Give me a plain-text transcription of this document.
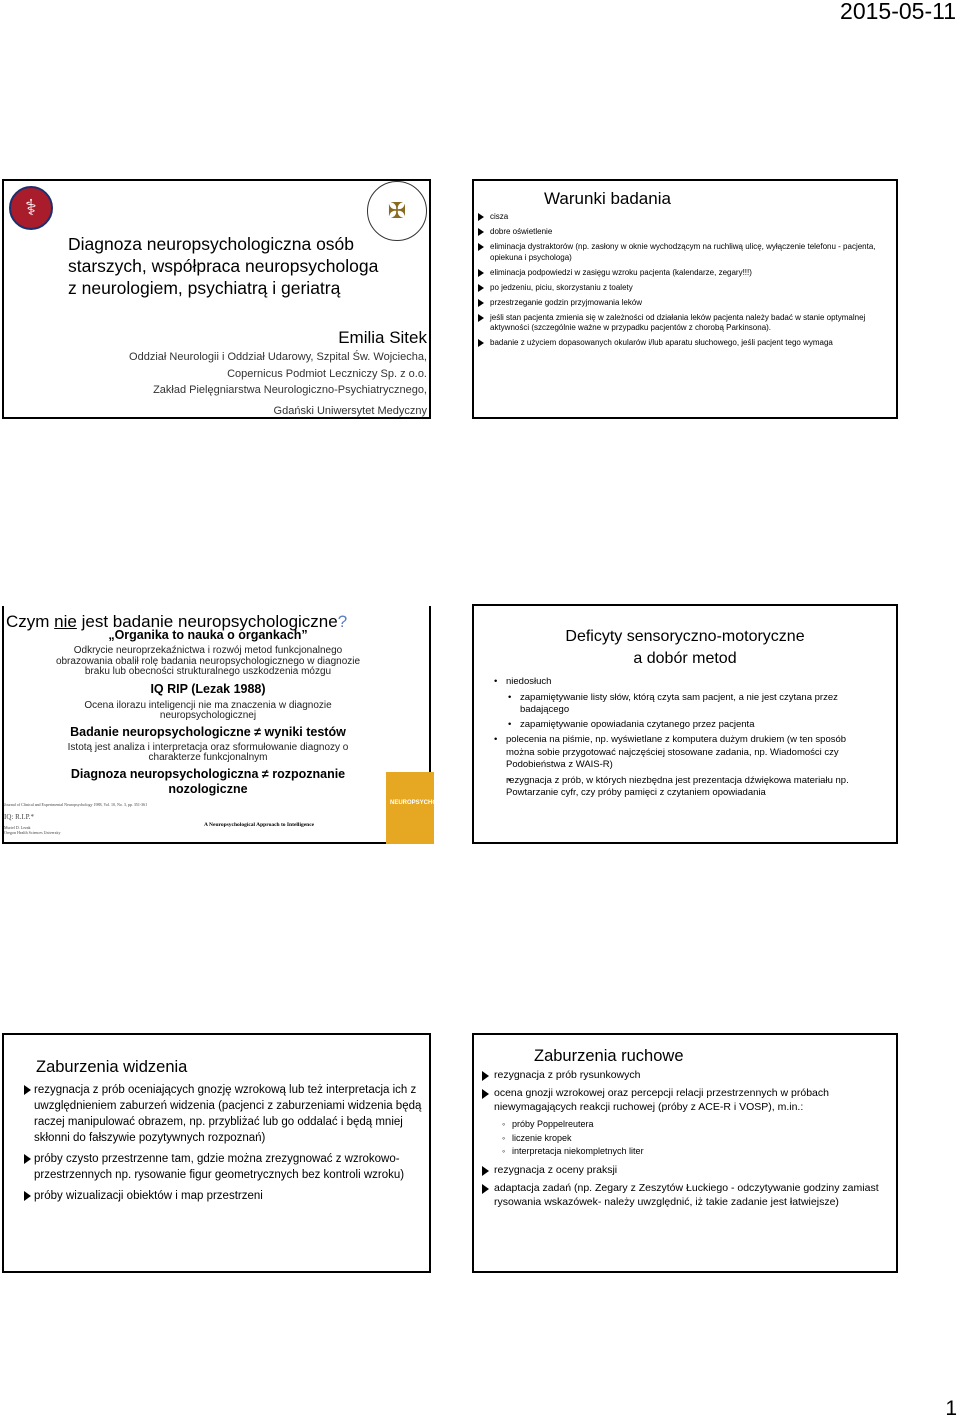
2015-05-11
⚕	✠
Diagnoza neuropsychologiczna osób
starszych, współpraca neuropsychologa
z neurologiem, psychiatrą i geriatrą
Emilia Sitek
Oddział Neurologii i Oddział Udarowy, Szpital Św. Wojciecha,
Copernicus Podmiot Leczniczy Sp. z o.o.
Zakład Pielęgniarstwa Neurologiczno-Psychiatrycznego,
Gdański Uniwersytet Medyczny
Warunki badania
cisza
dobre oświetlenie
eliminacja dystraktorów (np. zasłony w oknie wychodzącym na ruchliwą ulicę, wyłączenie telefonu - pacjenta, opiekuna i psychologa)
eliminacja podpowiedzi w zasięgu wzroku pacjenta (kalendarze, zegary!!!)
po jedzeniu, piciu, skorzystaniu z toalety
przestrzeganie godzin przyjmowania leków
jeśli stan pacjenta zmienia się w zależności od działania leków pacjenta należy badać w stanie optymalnej aktywności (szczególnie ważne w przypadku pacjentów z chorobą Parkinsona).
badanie z użyciem dopasowanych okularów i/lub aparatu słuchowego, jeśli pacjent tego wymaga
Czym nie jest badanie neuropsychologiczne?
„Organika to nauka o organkach”
Odkrycie neuroprzekaźnictwa i rozwój metod funkcjonalnego obrazowania obalił rolę badania neuropsychologicznego w diagnozie braku lub obecności strukturalnego uszkodzenia mózgu
IQ RIP (Lezak 1988)
Ocena ilorazu inteligencji nie ma znaczenia w diagnozie neuropsychologicznej
Badanie neuropsychologiczne ≠ wyniki testów
Istotą jest analiza i interpretacja oraz sformułowanie diagnozy o charakterze funkcjonalnym
Diagnoza neuropsychologiczna ≠ rozpoznanie nozologiczne
Journal of Clinical and Experimental Neuropsychology 1988, Vol. 10, No. 3, pp. 351-361
IQ: R.I.P.*
Muriel D. Lezak
Oregon Health Sciences University
A Neuropsychological Approach to Intelligence
NEUROPSYCHOLOGIA
Deficyty sensoryczno-motoryczne
a dobór metod
• niedosłuch
• zapamiętywanie listy słów, którą czyta sam pacjent, a nie jest czytana przez badającego
• zapamiętywanie opowiadania czytanego przez pacjenta
• polecenia na piśmie, np. wyświetlane z komputera dużym drukiem (w ten sposób można sobie przygotować najczęściej stosowane zadania, np. Wiadomości czy Podobieństwa z WAIS-R)
• rezygnacja z prób, w których niezbędna jest prezentacja dźwiękowa materiału np. Powtarzanie cyfr, czy próby pamięci z czytaniem opowiadania
Zaburzenia widzenia
rezygnacja z prób oceniających gnozję wzrokową lub też interpretacja ich z uwzględnieniem zaburzeń widzenia (pacjenci z zaburzeniami widzenia będą raczej manipulować obrazem, np. przybliżać lub go oddalać i będą mniej skłonni do fałszywie pozytywnych rozpoznań)
próby czysto przestrzenne tam, gdzie można zrezygnować z wzrokowo-przestrzennych np. rysowanie figur geometrycznych bez kontroli wzroku)
próby wizualizacji obiektów i map przestrzeni
Zaburzenia ruchowe
rezygnacja z prób rysunkowych
ocena gnozji wzrokowej oraz percepcji relacji przestrzennych w próbach niewymagających reakcji ruchowej (próby z ACE-R i VOSP), m.in.:
◦ próby Poppelreutera
◦ liczenie kropek
◦ interpretacja niekompletnych liter
rezygnacja z oceny praksji
adaptacja zadań (np. Zegary z Zeszytów Łuckiego - odczytywanie godziny zamiast rysowania wskazówek- należy uwzględnić, iż takie zadanie jest łatwiejsze)
1
